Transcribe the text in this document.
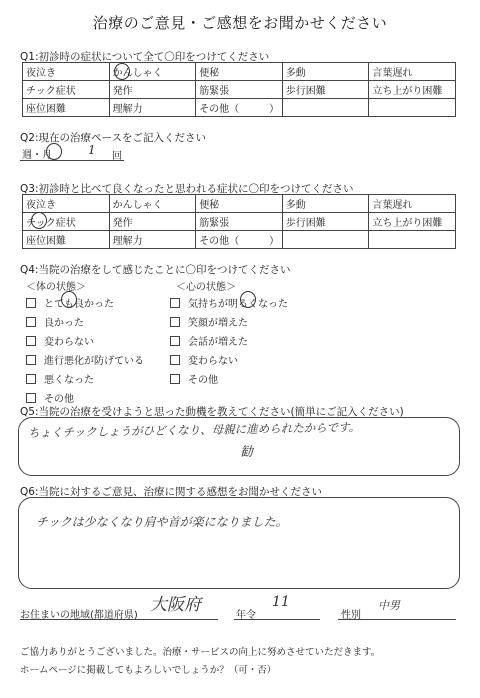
治療のご意見・ご感想をお聞かせください
Q1:初診時の症状について全て〇印をつけてください
夜泣き	かんしゃく	便秘	多動	言葉遅れ
チック症状	発作	筋緊張	歩行困難	立ち上がり困難
座位困難	理解力	その他（　　　）		
Q2:現在の治療ペースをご記入ください
週・月	1 回
Q3:初診時と比べて良くなったと思われる症状に〇印をつけてください
夜泣き	かんしゃく	便秘	多動	言葉遅れ
チック症状	発作	筋緊張	歩行困難	立ち上がり困難
座位困難	理解力	その他（　　　）		
Q4:当院の治療をして感じたことに〇印をつけてください
＜体の状態＞	＜心の状態＞
とても良かった
良かった
変わらない
進行悪化が防げている
悪くなった
その他
気持ちが明るくなった
笑顔が増えた
会話が増えた
変わらない
その他
Q5:当院の治療を受けようと思った動機を教えてください(簡単にご記入ください)
ちょくチックしょうがひどくなり、母親に進められたからです。
勧
Q6:当院に対するご意見、治療に関する感想をお聞かせください
チックは少なくなり肩や首が楽になりました。
お住まいの地域(都道府県)
大阪府
年令
11
性別
中男
ご協力ありがとうございました。治療・サービスの向上に努めさせていただきます。
ホームページに掲載してもよろしいでしょうか？（可・否）
